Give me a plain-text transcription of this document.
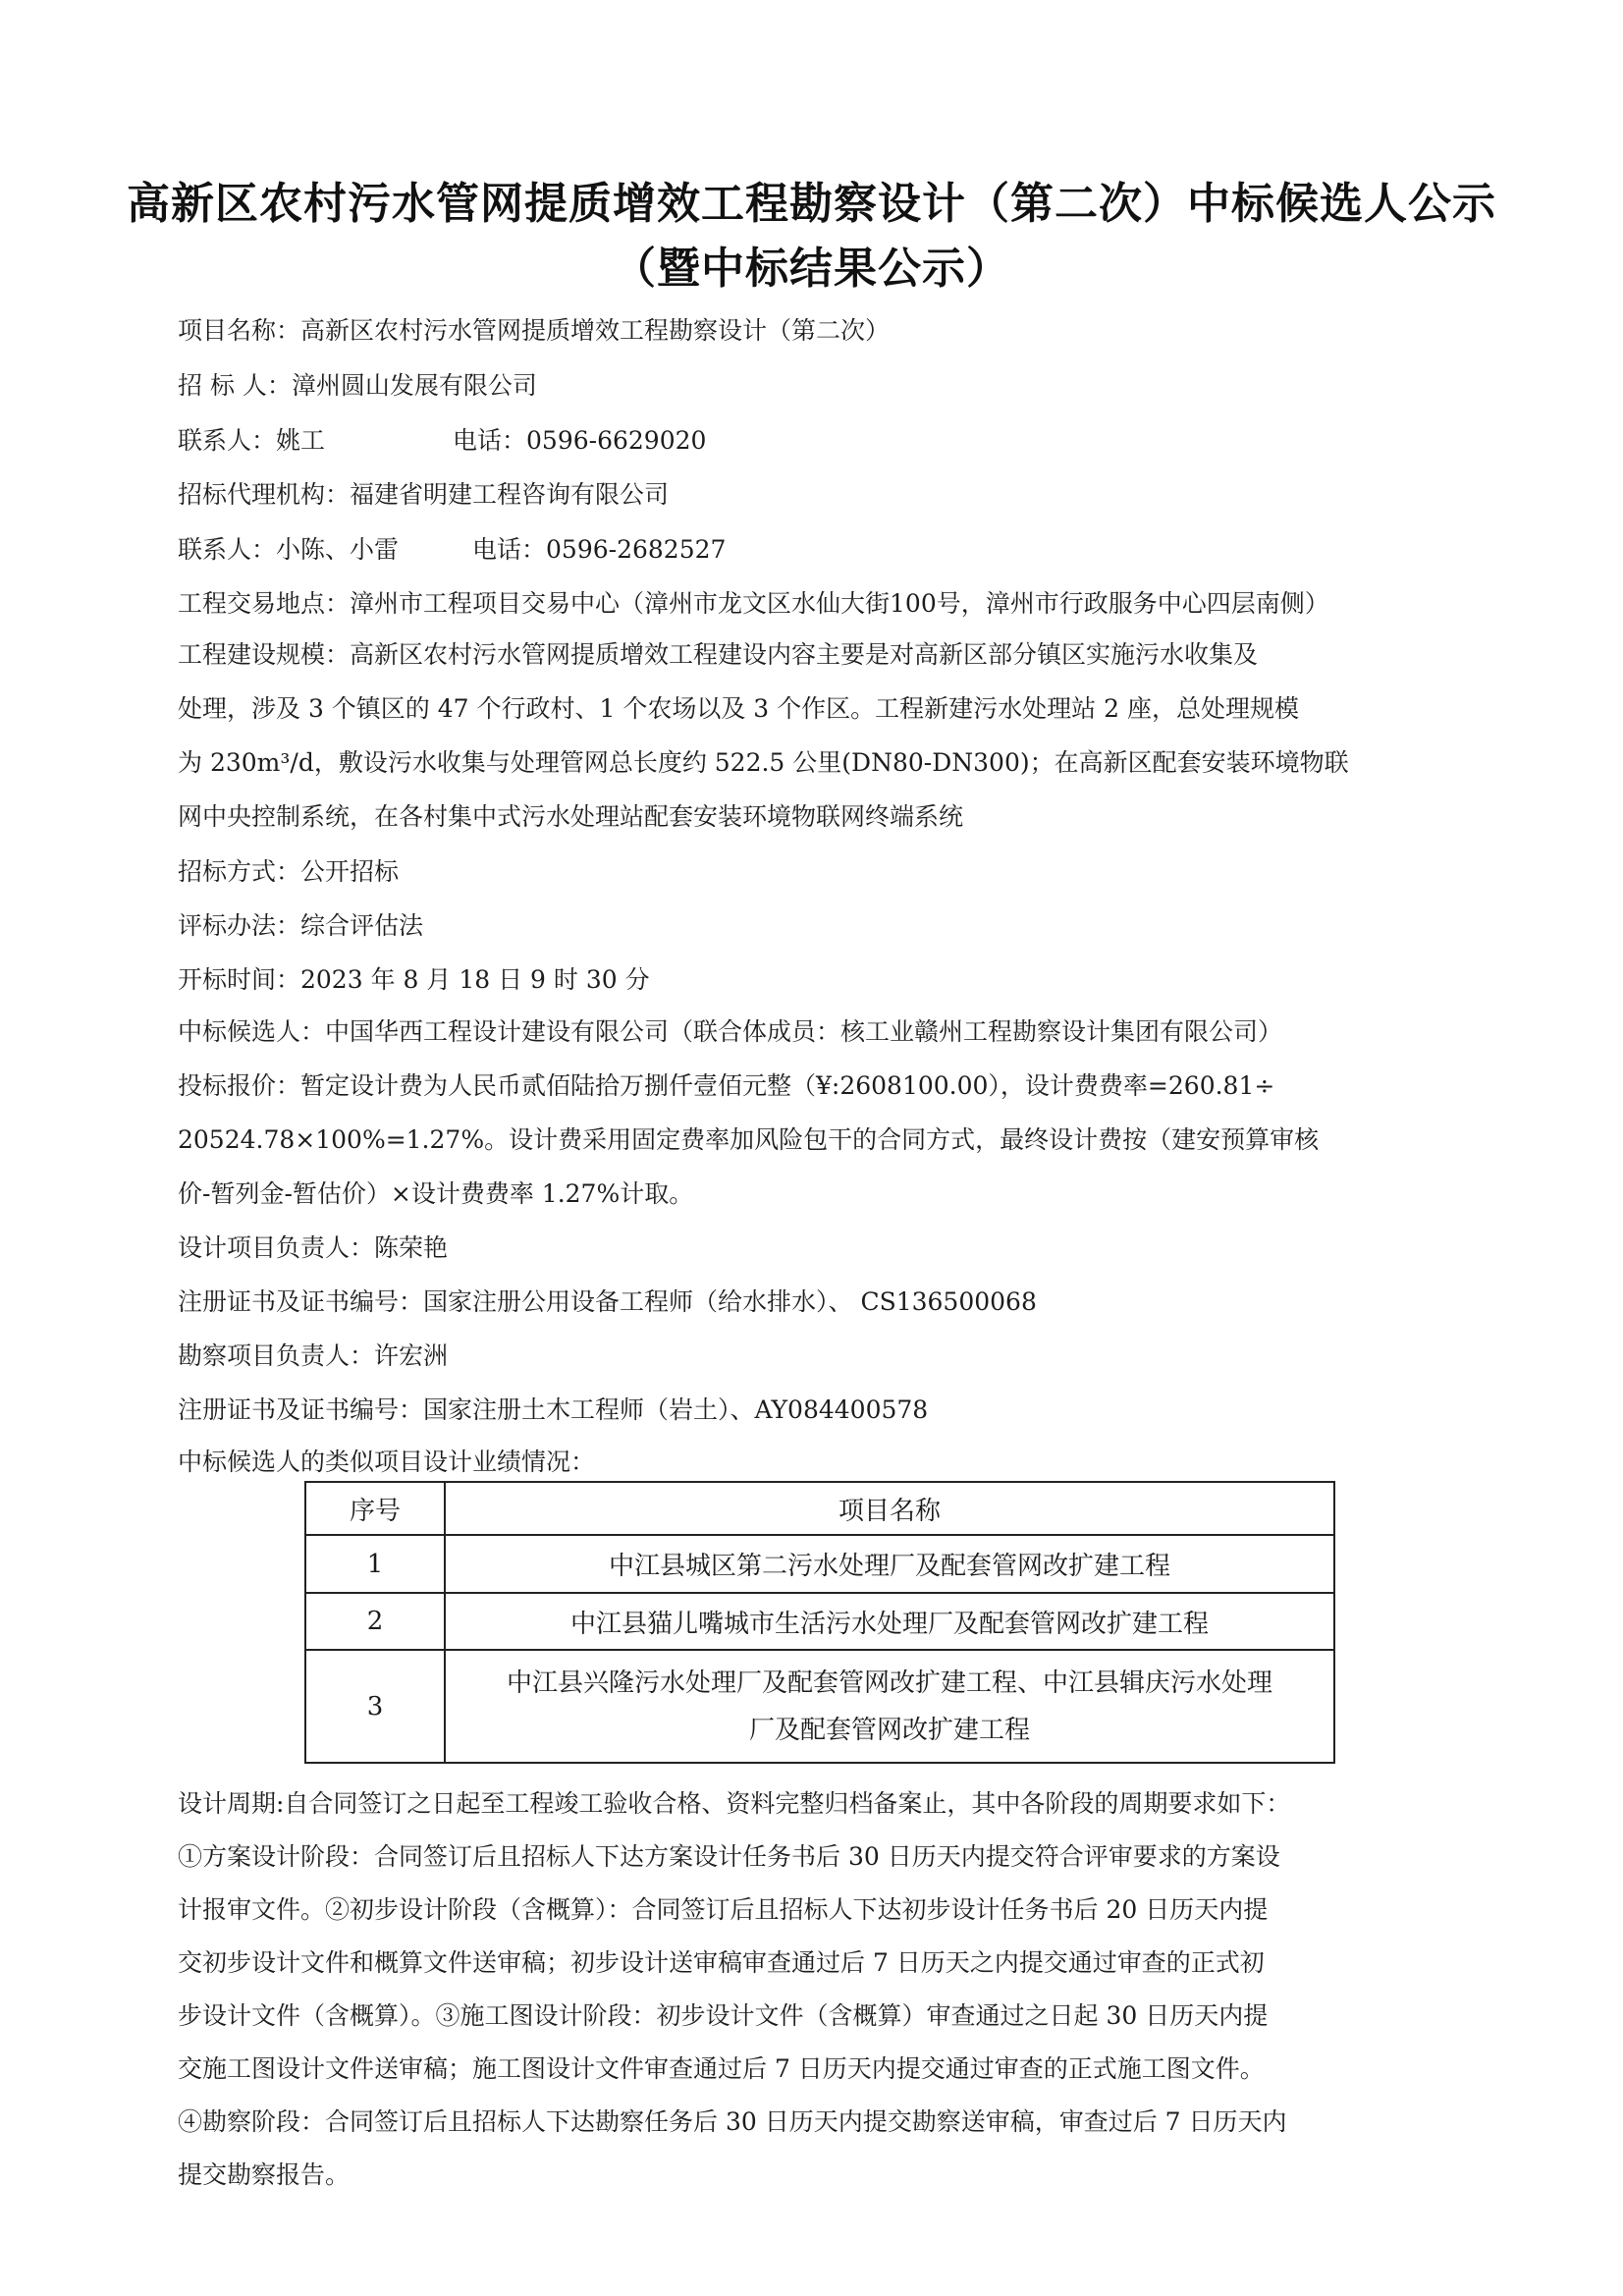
高新区农村污水管网提质增效工程勘察设计（第二次）中标候选人公示
（暨中标结果公示）
项目名称：高新区农村污水管网提质增效工程勘察设计（第二次）
招 标 人：漳州圆山发展有限公司
联系人：姚工	电话：0596-6629020
招标代理机构：福建省明建工程咨询有限公司
联系人：小陈、小雷	电话：0596-2682527
工程交易地点：漳州市工程项目交易中心（漳州市龙文区水仙大街100号，漳州市行政服务中心四层南侧）
工程建设规模：高新区农村污水管网提质增效工程建设内容主要是对高新区部分镇区实施污水收集及
处理，涉及 3 个镇区的 47 个行政村、1 个农场以及 3 个作区。工程新建污水处理站 2 座，总处理规模
为 230m³/d，敷设污水收集与处理管网总长度约 522.5 公里(DN80-DN300)；在高新区配套安装环境物联
网中央控制系统，在各村集中式污水处理站配套安装环境物联网终端系统
招标方式：公开招标
评标办法：综合评估法
开标时间：2023 年 8 月 18 日 9 时 30 分
中标候选人：中国华西工程设计建设有限公司（联合体成员：核工业赣州工程勘察设计集团有限公司）
投标报价：暂定设计费为人民币贰佰陆拾万捌仟壹佰元整（¥:2608100.00），设计费费率=260.81÷
20524.78×100%=1.27%。设计费采用固定费率加风险包干的合同方式，最终设计费按（建安预算审核
价-暂列金-暂估价）×设计费费率 1.27%计取。
设计项目负责人：陈荣艳
注册证书及证书编号：国家注册公用设备工程师（给水排水）、 CS136500068
勘察项目负责人：许宏洲
注册证书及证书编号：国家注册土木工程师（岩土）、AY084400578
中标候选人的类似项目设计业绩情况：
序号	项目名称
1	中江县城区第二污水处理厂及配套管网改扩建工程
2	中江县猫儿嘴城市生活污水处理厂及配套管网改扩建工程
3	中江县兴隆污水处理厂及配套管网改扩建工程、中江县辑庆污水处理
厂及配套管网改扩建工程
设计周期:自合同签订之日起至工程竣工验收合格、资料完整归档备案止，其中各阶段的周期要求如下：
①方案设计阶段：合同签订后且招标人下达方案设计任务书后 30 日历天内提交符合评审要求的方案设
计报审文件。②初步设计阶段（含概算）：合同签订后且招标人下达初步设计任务书后 20 日历天内提
交初步设计文件和概算文件送审稿；初步设计送审稿审查通过后 7 日历天之内提交通过审查的正式初
步设计文件（含概算）。③施工图设计阶段：初步设计文件（含概算）审查通过之日起 30 日历天内提
交施工图设计文件送审稿；施工图设计文件审查通过后 7 日历天内提交通过审查的正式施工图文件。
④勘察阶段：合同签订后且招标人下达勘察任务后 30 日历天内提交勘察送审稿，审查过后 7 日历天内
提交勘察报告。
